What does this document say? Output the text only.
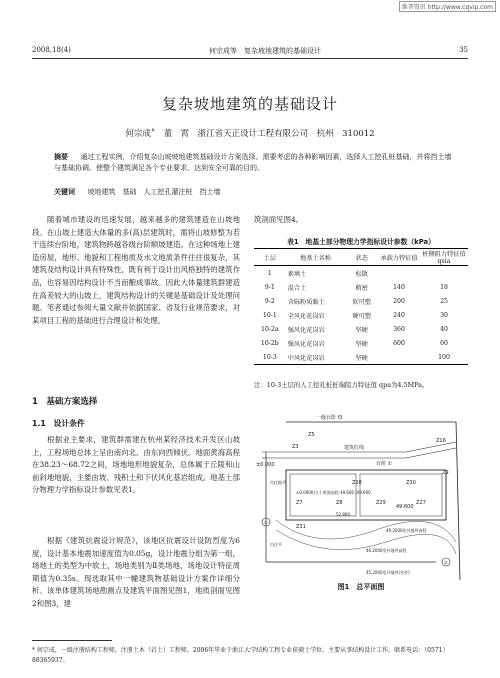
维普资讯 http://www.cqvip.com
2008,18(4)	何宗成等　复杂坡地建筑的基础设计	35
复杂坡地建筑的基础设计
何宗成˚　董　霄　浙江省天正设计工程有限公司　杭州　310012
摘要 通过工程实例，介绍复杂山坡坡地建筑基础设计方案选择。需要考虑的各种影响因素，选择人工挖孔桩基础，并将挡土墙与基础协调。使整个建筑满足各个专业要求，达到安全可靠的目的。
关键词 坡地建筑　基础　人工挖孔灌注桩　挡土墙
随着城市建设的迅速发展，越来越多的建筑建造在山坡地段。在山坡上建造大体量的多(高)层建筑时，需将山坡修整为若干连续台阶地，建筑物跨越各级台阶顺坡建造。在这种场地上建造房屋，地形、地貌和工程地质及水文地质条件往往很复杂，其建筑及结构设计具有特殊性，既有利于设计出风格独特的建筑作品，也容易因结构设计不当而酿成事故。因此大体量建筑群建造在高差较大的山坡上，建筑结构设计的关键是基础设计及处理问题。笔者通过参阅大量文献并依据国家、省及行业规范要求，对某项目工程的基础进行合理设计和处理。
1　基础方案选择
1.1　设计条件
根据业主要求，建筑群需建在杭州某经济技术开发区山坡上，工程场地总体上呈由南向北、由东向西倾伏。地面黄海高程在38.23～68.72之间，场地地形地貌复杂，总体属于丘陵和山前斜地地貌，主要由坡、残积土和下伏风化基岩组成。地基土部分物理力学指标设计参数见表1。
根据《建筑抗震设计规范》，该地区抗震设计设防烈度为6度，设计基本地震加速度值为0.05g，设计地震分组为第一组，场地土的类型为中软土，场地类别为Ⅱ类场地，场地设计特征周期值为0.35s。现选取其中一幢建筑物基础设计方案作详细分析。该单体建筑场地勘测点及建筑平面图见图1，地质剖面见图2和图3，建
筑剖面见图4。
表1　地基土部分物理力学指标设计参数（kPa）
土层	地基土名称	状态	承载力特征值	桩侧阻力特征值 qsia
1	素填土	松散		
9-1	混合土	稍密	140	18
9-2	含砾粉质黏土	软可塑	200	25
10-1	全风化花岗岩	硬可塑	240	30
10-2a	强风化花岗岩	坚硬	360	40
10-2b	强风化花岗岩	坚硬	600	60
10-3	中风化花岗岩	坚硬		100
注：10-3土层的人工挖孔桩桩端阻力特征值 qpa为4.5MPa。
一级台阶 f3
建筑红线
台阶 ①
±0.000
±0.000相当于黄海高程 49.600 |49.600
49.600
49.2000室外地坪高程
46.2000室外地坪高程
45.2000室外地坪(室外)
内注地平
Z3
Z5
Z7	Z8
Z28	Z30
Z29	Z27
Z16
Z9
Z31
①
②
52.800
内注平
图1　总平面图
* 何宗成，一级注册结构工程师，注册土木（岩土）工程师。2006年毕业于浙江大学结构工程专业获硕士学位。主要从事结构设计工作。联系电话：（0571）88365937。
